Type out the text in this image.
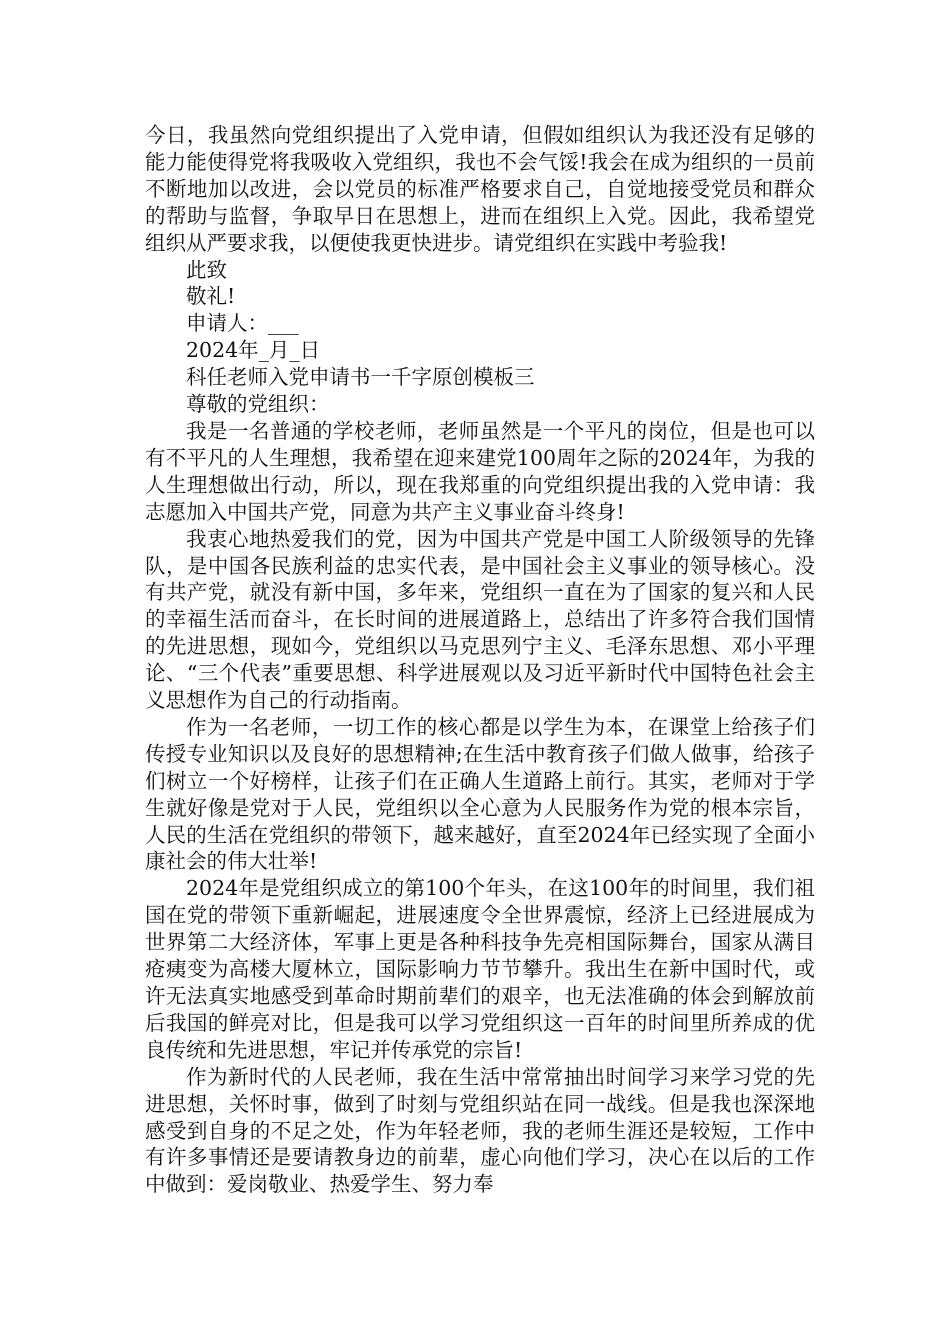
今日，我虽然向党组织提出了入党申请，但假如组织认为我还没有足够的能力能使得党将我吸收入党组织，我也不会气馁!我会在成为组织的一员前不断地加以改进，会以党员的标准严格要求自己，自觉地接受党员和群众的帮助与监督，争取早日在思想上，进而在组织上入党。因此，我希望党组织从严要求我，以便使我更快进步。请党组织在实践中考验我!

此致

敬礼!

申请人：___

2024年_月_日

科任老师入党申请书一千字原创模板三

尊敬的党组织：

我是一名普通的学校老师，老师虽然是一个平凡的岗位，但是也可以有不平凡的人生理想，我希望在迎来建党100周年之际的2024年，为我的人生理想做出行动，所以，现在我郑重的向党组织提出我的入党申请：我志愿加入中国共产党，同意为共产主义事业奋斗终身!

我衷心地热爱我们的党，因为中国共产党是中国工人阶级领导的先锋队，是中国各民族利益的忠实代表，是中国社会主义事业的领导核心。没有共产党，就没有新中国，多年来，党组织一直在为了国家的复兴和人民的幸福生活而奋斗，在长时间的进展道路上，总结出了许多符合我们国情的先进思想，现如今，党组织以马克思列宁主义、毛泽东思想、邓小平理论、“三个代表”重要思想、科学进展观以及习近平新时代中国特色社会主义思想作为自己的行动指南。

作为一名老师，一切工作的核心都是以学生为本，在课堂上给孩子们传授专业知识以及良好的思想精神;在生活中教育孩子们做人做事，给孩子们树立一个好榜样，让孩子们在正确人生道路上前行。其实，老师对于学生就好像是党对于人民，党组织以全心意为人民服务作为党的根本宗旨，人民的生活在党组织的带领下，越来越好，直至2024年已经实现了全面小康社会的伟大壮举!

2024年是党组织成立的第100个年头，在这100年的时间里，我们祖国在党的带领下重新崛起，进展速度令全世界震惊，经济上已经进展成为世界第二大经济体，军事上更是各种科技争先亮相国际舞台，国家从满目疮痍变为高楼大厦林立，国际影响力节节攀升。我出生在新中国时代，或许无法真实地感受到革命时期前辈们的艰辛，也无法准确的体会到解放前后我国的鲜亮对比，但是我可以学习党组织这一百年的时间里所养成的优良传统和先进思想，牢记并传承党的宗旨!

作为新时代的人民老师，我在生活中常常抽出时间学习来学习党的先进思想，关怀时事，做到了时刻与党组织站在同一战线。但是我也深深地感受到自身的不足之处，作为年轻老师，我的老师生涯还是较短，工作中有许多事情还是要请教身边的前辈，虚心向他们学习，决心在以后的工作中做到：爱岗敬业、热爱学生、努力奉
